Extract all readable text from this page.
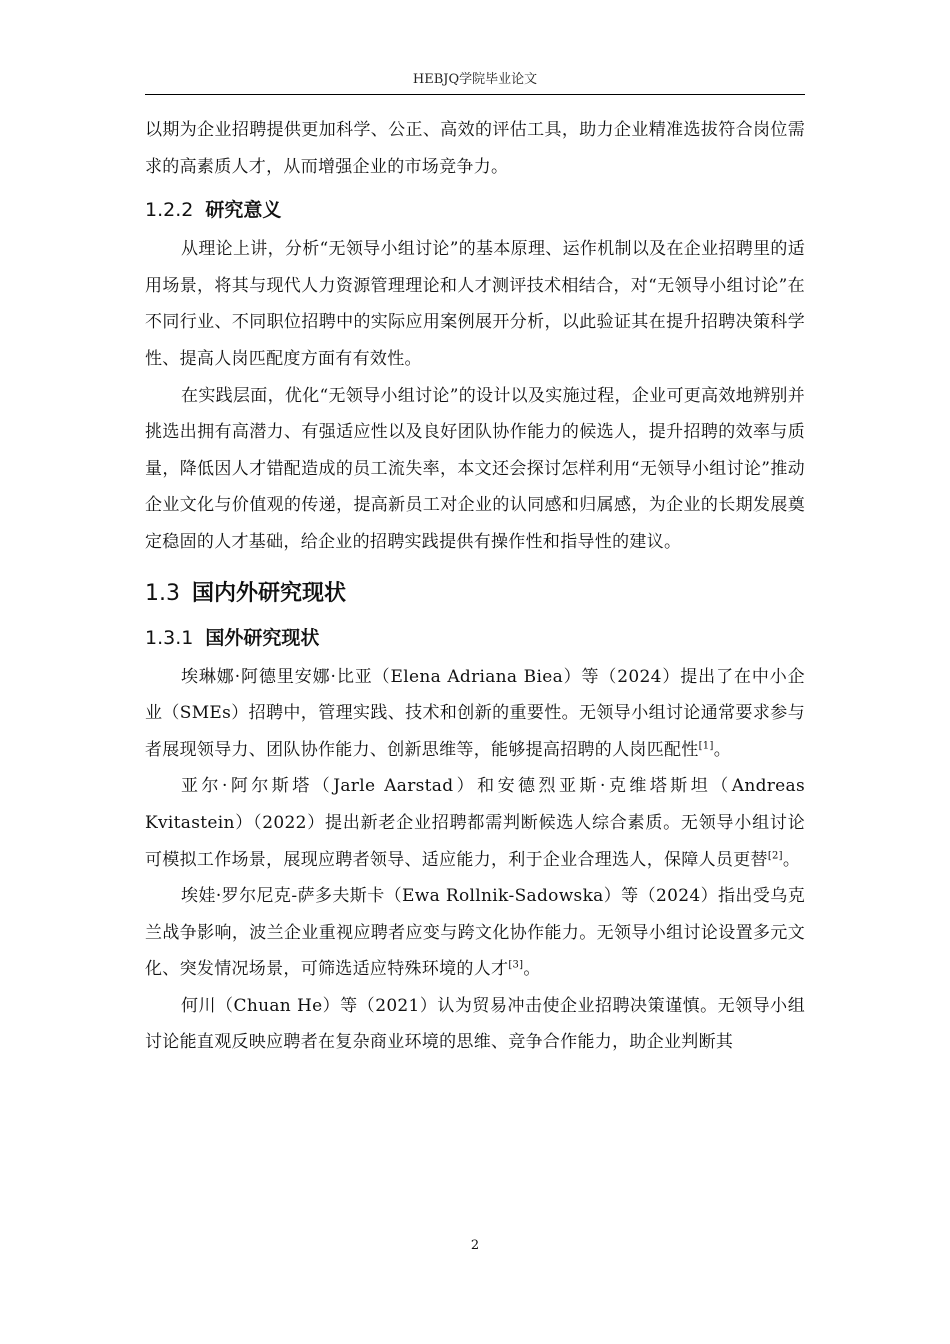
HEBJQ学院毕业论文

以期为企业招聘提供更加科学、公正、高效的评估工具，助力企业精准选拔符合岗位需求的高素质人才，从而增强企业的市场竞争力。

1.2.2 研究意义

从理论上讲，分析“无领导小组讨论”的基本原理、运作机制以及在企业招聘里的适用场景，将其与现代人力资源管理理论和人才测评技术相结合，对“无领导小组讨论”在不同行业、不同职位招聘中的实际应用案例展开分析，以此验证其在提升招聘决策科学性、提高人岗匹配度方面有有效性。

在实践层面，优化“无领导小组讨论”的设计以及实施过程，企业可更高效地辨别并挑选出拥有高潜力、有强适应性以及良好团队协作能力的候选人，提升招聘的效率与质量，降低因人才错配造成的员工流失率，本文还会探讨怎样利用“无领导小组讨论”推动企业文化与价值观的传递，提高新员工对企业的认同感和归属感，为企业的长期发展奠定稳固的人才基础，给企业的招聘实践提供有操作性和指导性的建议。

1.3 国内外研究现状
1.3.1 国外研究现状

埃琳娜·阿德里安娜·比亚（Elena Adriana Biea）等（2024）提出了在中小企业（SMEs）招聘中，管理实践、技术和创新的重要性。无领导小组讨论通常要求参与者展现领导力、团队协作能力、创新思维等，能够提高招聘的人岗匹配性[1]。

亚尔·阿尔斯塔（Jarle Aarstad）和安德烈亚斯·克维塔斯坦（Andreas Kvitastein）（2022）提出新老企业招聘都需判断候选人综合素质。无领导小组讨论可模拟工作场景，展现应聘者领导、适应能力，利于企业合理选人，保障人员更替[2]。

埃娃·罗尔尼克-萨多夫斯卡（Ewa Rollnik‑Sadowska）等（2024）指出受乌克兰战争影响，波兰企业重视应聘者应变与跨文化协作能力。无领导小组讨论设置多元文化、突发情况场景，可筛选适应特殊环境的人才[3]。

何川（Chuan He）等（2021）认为贸易冲击使企业招聘决策谨慎。无领导小组讨论能直观反映应聘者在复杂商业环境的思维、竞争合作能力，助企业判断其

2
